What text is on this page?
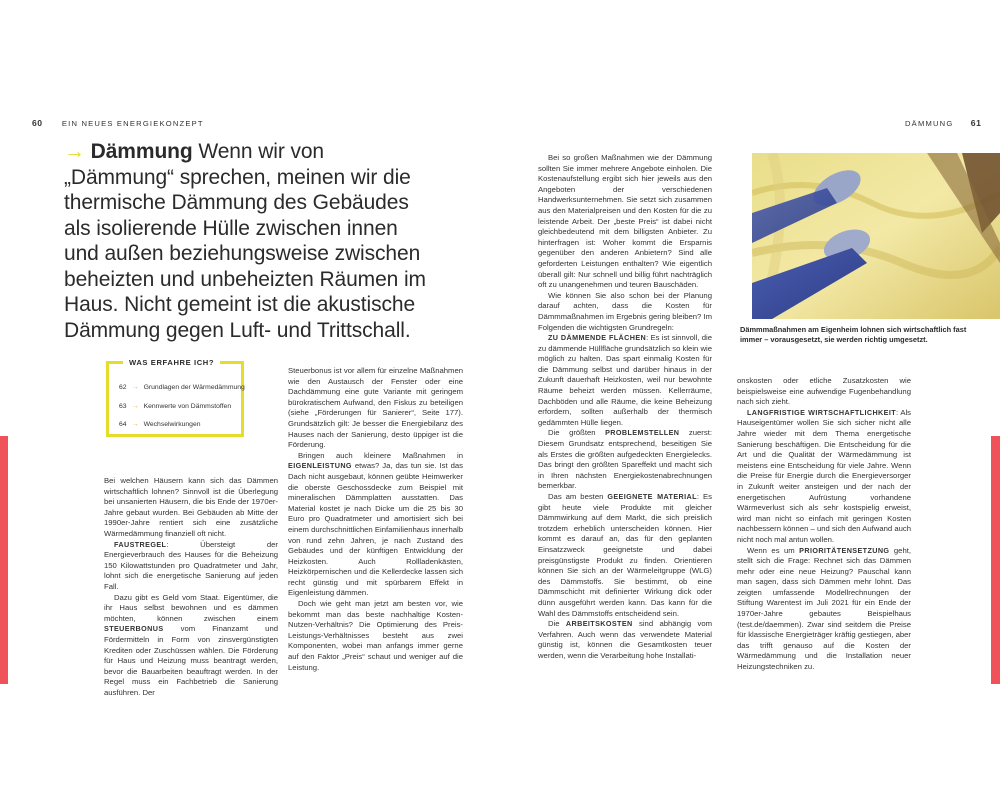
60	EIN NEUES ENERGIEKONZEPT	DÄMMUNG 61
→ Dämmung Wenn wir von „Dämmung“ sprechen, meinen wir die thermische Dämmung des Gebäudes als isolierende Hülle zwischen innen und außen beziehungsweise zwischen beheizten und unbeheizten Räumen im Haus. Nicht gemeint ist die akustische Dämmung gegen Luft- und Trittschall.
WAS ERFAHRE ICH?
62 → Grundlagen der Wärmedämmung
63 → Kennwerte von Dämmstoffen
64 → Wechselwirkungen

Bei welchen Häusern kann sich das Dämmen wirtschaftlich lohnen? Sinnvoll ist die Überlegung bei unsanierten Häusern, die bis Ende der 1970er-Jahre gebaut wurden. Bei Gebäuden ab Mitte der 1990er-Jahre rentiert sich eine zusätzliche Wärmedämmung finanziell oft nicht.

FAUSTREGEL: Übersteigt der Energieverbrauch des Hauses für die Beheizung 150 Kilowattstunden pro Quadratmeter und Jahr, lohnt sich die energetische Sanierung auf jeden Fall.

Dazu gibt es Geld vom Staat. Eigentümer, die ihr Haus selbst bewohnen und es dämmen möchten, können zwischen einem STEUERBONUS vom Finanzamt und Fördermitteln in Form von zinsvergünstigten Krediten oder Zuschüssen wählen. Die Förderung für Haus und Heizung muss beantragt werden, bevor die Bauarbeiten beauftragt werden. In der Regel muss ein Fachbetrieb die Sanierung ausführen. Der

Steuerbonus ist vor allem für einzelne Maßnahmen wie den Austausch der Fenster oder eine Dachdämmung eine gute Variante mit geringem bürokratischem Aufwand, den Fiskus zu beteiligen (siehe „Förderungen für Sanierer“, Seite 177). Grundsätzlich gilt: Je besser die Energiebilanz des Hauses nach der Sanierung, desto üppiger ist die Förderung.

Bringen auch kleinere Maßnahmen in EIGENLEISTUNG etwas? Ja, das tun sie. Ist das Dach nicht ausgebaut, können geübte Heimwerker die oberste Geschossdecke zum Beispiel mit mineralischen Dämmplatten ausstatten. Das Material kostet je nach Dicke um die 25 bis 30 Euro pro Quadratmeter und amortisiert sich bei einem durchschnittlichen Einfamilienhaus innerhalb von rund zehn Jahren, je nach Zustand des Gebäudes und der künftigen Entwicklung der Heizkosten. Auch Rollladenkästen, Heizkörpernischen und die Kellerdecke lassen sich recht günstig und mit spürbarem Effekt in Eigenleistung dämmen.

Doch wie geht man jetzt am besten vor, wie bekommt man das beste nachhaltige Kosten-Nutzen-Verhältnis? Die Optimierung des Preis-Leistungs-Verhältnisses besteht aus zwei Komponenten, wobei man anfangs immer gerne auf den Faktor „Preis“ schaut und weniger auf die Leistung.

Bei so großen Maßnahmen wie der Dämmung sollten Sie immer mehrere Angebote einholen. Die Kostenaufstellung ergibt sich hier jeweils aus den Angeboten der verschiedenen Handwerksunternehmen. Sie setzt sich zusammen aus den Materialpreisen und den Kosten für die zu leistende Arbeit. Der „beste Preis“ ist dabei nicht gleichbedeutend mit dem billigsten Anbieter. Zu hinterfragen ist: Woher kommt die Ersparnis gegenüber den anderen Anbietern? Sind alle geforderten Leistungen enthalten? Wie eigentlich überall gilt: Nur schnell und billig führt nachträglich oft zu unangenehmen und teuren Bauschäden.

Wie können Sie also schon bei der Planung darauf achten, dass die Kosten für Dämmmaßnahmen im Ergebnis gering bleiben? Im Folgenden die wichtigsten Grundregeln:

ZU DÄMMENDE FLÄCHEN: Es ist sinnvoll, die zu dämmende Hüllfläche grundsätzlich so klein wie möglich zu halten. Das spart einmalig Kosten für die Dämmung selbst und darüber hinaus in der Zukunft dauerhaft Heizkosten, weil nur bewohnte Räume beheizt werden müssen. Kellerräume, Dachböden und alle Räume, die keine Beheizung erfordern, sollten außerhalb der thermisch gedämmten Hülle liegen.

Die größten PROBLEMSTELLEN zuerst: Diesem Grundsatz entsprechend, beseitigen Sie als Erstes die größten aufgedeckten Energielecks. Das bringt den größten Spareffekt und macht sich in Ihren nächsten Energiekostenabrechnungen bemerkbar.

Das am besten GEEIGNETE MATERIAL: Es gibt heute viele Produkte mit gleicher Dämmwirkung auf dem Markt, die sich preislich trotzdem erheblich unterscheiden können. Hier kommt es darauf an, das für den geplanten Einsatzzweck geeignetste und dabei preisgünstigste Produkt zu finden. Orientieren können Sie sich an der Wärmeleitgruppe (WLG) des Dämmstoffs. Sie bestimmt, ob eine Dämmschicht mit definierter Wirkung dick oder dünn ausgeführt werden kann. Das kann für die Wahl des Dämmstoffs entscheidend sein.

Die ARBEITSKOSTEN sind abhängig vom Verfahren. Auch wenn das verwendete Material günstig ist, können die Gesamtkosten teuer werden, wenn die Verarbeitung hohe Installati-

Dämmmaßnahmen am Eigenheim lohnen sich wirtschaftlich fast immer – vorausgesetzt, sie werden richtig umgesetzt.

onskosten oder etliche Zusatzkosten wie beispielsweise eine aufwendige Fugenbehandlung nach sich zieht.

LANGFRISTIGE WIRTSCHAFTLICHKEIT: Als Hauseigentümer wollen Sie sich sicher nicht alle Jahre wieder mit dem Thema energetische Sanierung beschäftigen. Die Entscheidung für die Art und die Qualität der Wärmedämmung ist meistens eine Entscheidung für viele Jahre. Wenn die Preise für Energie durch die Energieversorger in Zukunft weiter ansteigen und der nach der energetischen Aufrüstung vorhandene Wärmeverlust sich als sehr kostspielig erweist, wird man nicht so einfach mit geringen Kosten nachbessern können – und sich den Aufwand auch nicht noch mal antun wollen.

Wenn es um PRIORITÄTENSETZUNG geht, stellt sich die Frage: Rechnet sich das Dämmen mehr oder eine neue Heizung? Pauschal kann man sagen, dass sich Dämmen mehr lohnt. Das zeigten umfassende Modellrechnungen der Stiftung Warentest im Juli 2021 für ein Ende der 1970er-Jahre gebautes Beispielhaus (test.de/daemmen). Zwar sind seitdem die Preise für klassische Energieträger kräftig gestiegen, aber das trifft genauso auf die Kosten der Wärmedämmung und die Installation neuer Heizungstechniken zu.
